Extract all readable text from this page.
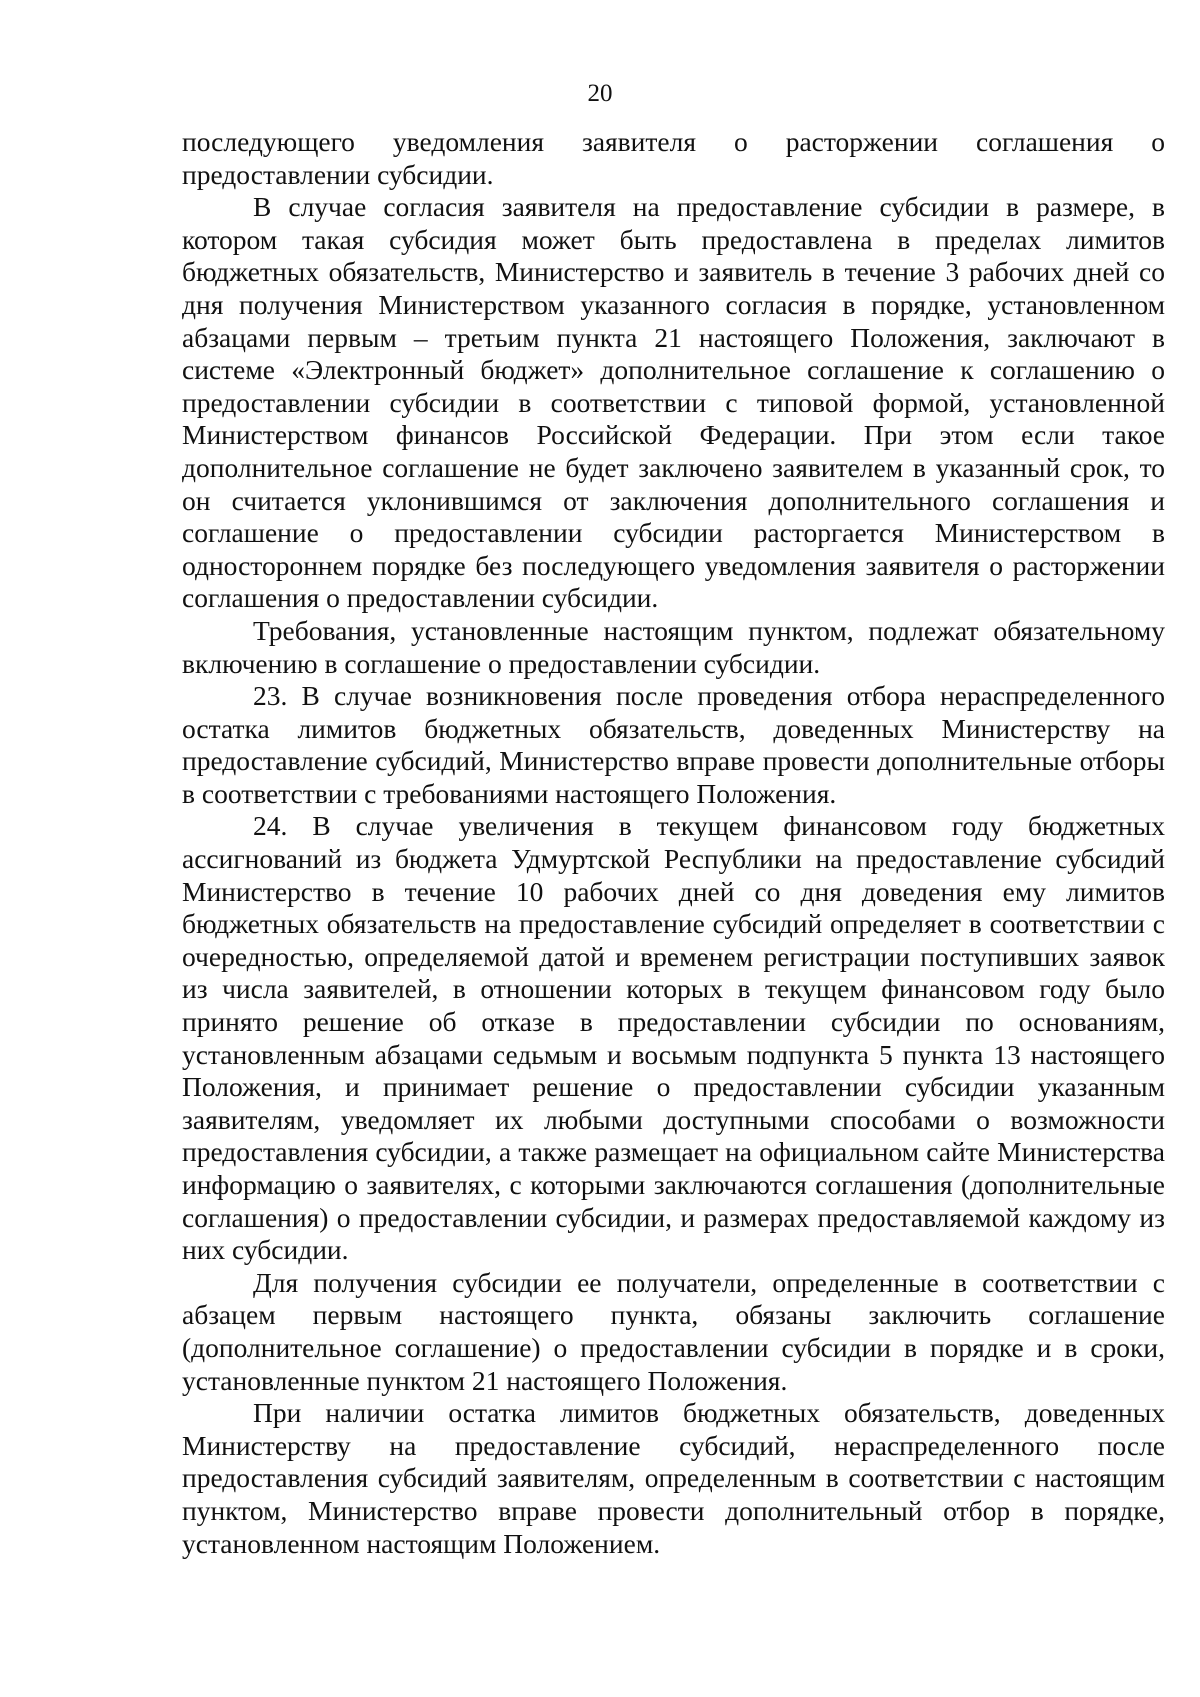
20

последующего уведомления заявителя о расторжении соглашения о предоставлении субсидии.

В случае согласия заявителя на предоставление субсидии в размере, в котором такая субсидия может быть предоставлена в пределах лимитов бюджетных обязательств, Министерство и заявитель в течение 3 рабочих дней со дня получения Министерством указанного согласия в порядке, установленном абзацами первым – третьим пункта 21 настоящего Положения, заключают в системе «Электронный бюджет» дополнительное соглашение к соглашению о предоставлении субсидии в соответствии с типовой формой, установленной Министерством финансов Российской Федерации. При этом если такое дополнительное соглашение не будет заключено заявителем в указанный срок, то он считается уклонившимся от заключения дополнительного соглашения и соглашение о предоставлении субсидии расторгается Министерством в одностороннем порядке без последующего уведомления заявителя о расторжении соглашения о предоставлении субсидии.

Требования, установленные настоящим пунктом, подлежат обязательному включению в соглашение о предоставлении субсидии.

23. В случае возникновения после проведения отбора нераспределенного остатка лимитов бюджетных обязательств, доведенных Министерству на предоставление субсидий, Министерство вправе провести дополнительные отборы в соответствии с требованиями настоящего Положения.

24. В случае увеличения в текущем финансовом году бюджетных ассигнований из бюджета Удмуртской Республики на предоставление субсидий Министерство в течение 10 рабочих дней со дня доведения ему лимитов бюджетных обязательств на предоставление субсидий определяет в соответствии с очередностью, определяемой датой и временем регистрации поступивших заявок из числа заявителей, в отношении которых в текущем финансовом году было принято решение об отказе в предоставлении субсидии по основаниям, установленным абзацами седьмым и восьмым подпункта 5 пункта 13 настоящего Положения, и принимает решение о предоставлении субсидии указанным заявителям, уведомляет их любыми доступными способами о возможности предоставления субсидии, а также размещает на официальном сайте Министерства информацию о заявителях, с которыми заключаются соглашения (дополнительные соглашения) о предоставлении субсидии, и размерах предоставляемой каждому из них субсидии.

Для получения субсидии ее получатели, определенные в соответствии с абзацем первым настоящего пункта, обязаны заключить соглашение (дополнительное соглашение) о предоставлении субсидии в порядке и в сроки, установленные пунктом 21 настоящего Положения.

При наличии остатка лимитов бюджетных обязательств, доведенных Министерству на предоставление субсидий, нераспределенного после предоставления субсидий заявителям, определенным в соответствии с настоящим пунктом, Министерство вправе провести дополнительный отбор в порядке, установленном настоящим Положением.
